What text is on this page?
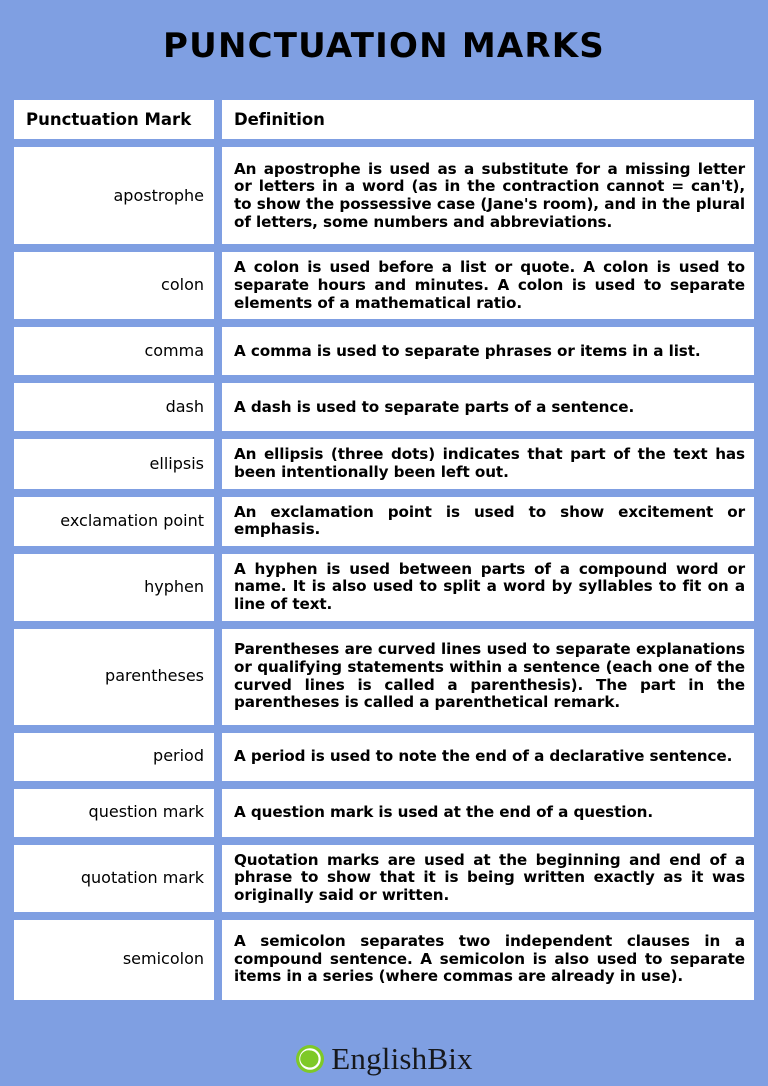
PUNCTUATION MARKS
Punctuation Mark	Definition
apostrophe
An apostrophe is used as a substitute for a missing letter or letters in a word (as in the contraction cannot = can't), to show the possessive case (Jane's room), and in the plural of letters, some numbers and abbreviations.
colon
A colon is used before a list or quote. A colon is used to separate hours and minutes. A colon is used to separate elements of a mathematical ratio.
comma A comma is used to separate phrases or items in a list.
dash A dash is used to separate parts of a sentence.
ellipsis An ellipsis (three dots) indicates that part of the text has been intentionally been left out.
exclamation point An exclamation point is used to show excitement or emphasis.
hyphen
A hyphen is used between parts of a compound word or name. It is also used to split a word by syllables to fit on a line of text.
parentheses
Parentheses are curved lines used to separate explanations or qualifying statements within a sentence (each one of the curved lines is called a parenthesis). The part in the parentheses is called a parenthetical remark.
period A period is used to note the end of a declarative sentence.
question mark A question mark is used at the end of a question.
quotation mark
Quotation marks are used at the beginning and end of a phrase to show that it is being written exactly as it was originally said or written.
semicolon
A semicolon separates two independent clauses in a compound sentence. A semicolon is also used to separate items in a series (where commas are already in use).
EnglishBix
